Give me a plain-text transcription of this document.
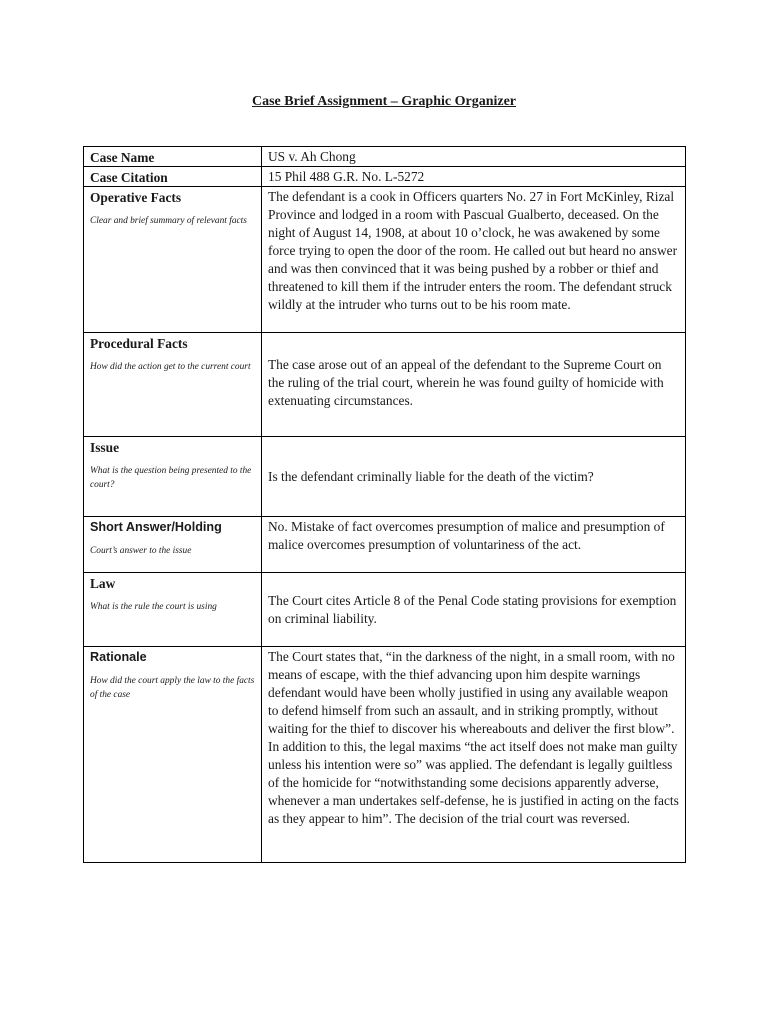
Case Brief Assignment – Graphic Organizer
Case Name	US v. Ah Chong

Case Citation	15 Phil 488 G.R. No. L-5272

Operative Facts
Clear and brief summary of relevant facts	The defendant is a cook in Officers quarters No. 27 in Fort McKinley, Rizal Province and lodged in a room with Pascual Gualberto, deceased. On the night of August 14, 1908, at about 10 o’clock, he was awakened by some force trying to open the door of the room. He called out but heard no answer and was then convinced that it was being pushed by a robber or thief and threatened to kill them if the intruder enters the room. The defendant struck wildly at the intruder who turns out to be his room mate.

Procedural Facts
How did the action get to the current court	The case arose out of an appeal of the defendant to the Supreme Court on the ruling of the trial court, wherein he was found guilty of homicide with extenuating circumstances.

Issue
What is the question being presented to the court?	Is the defendant criminally liable for the death of the victim?

Short Answer/Holding
Court’s answer to the issue	No. Mistake of fact overcomes presumption of malice and presumption of malice overcomes presumption of voluntariness of the act.

Law
What is the rule the court is using	The Court cites Article 8 of the Penal Code stating provisions for exemption on criminal liability.

Rationale
How did the court apply the law to the facts of the case	The Court states that, “in the darkness of the night, in a small room, with no means of escape, with the thief advancing upon him despite warnings defendant would have been wholly justified in using any available weapon to defend himself from such an assault, and in striking promptly, without waiting for the thief to discover his whereabouts and deliver the first blow”. In addition to this, the legal maxims “the act itself does not make man guilty unless his intention were so” was applied. The defendant is legally guiltless of the homicide for “notwithstanding some decisions apparently adverse, whenever a man undertakes self-defense, he is justified in acting on the facts as they appear to him”. The decision of the trial court was reversed.
